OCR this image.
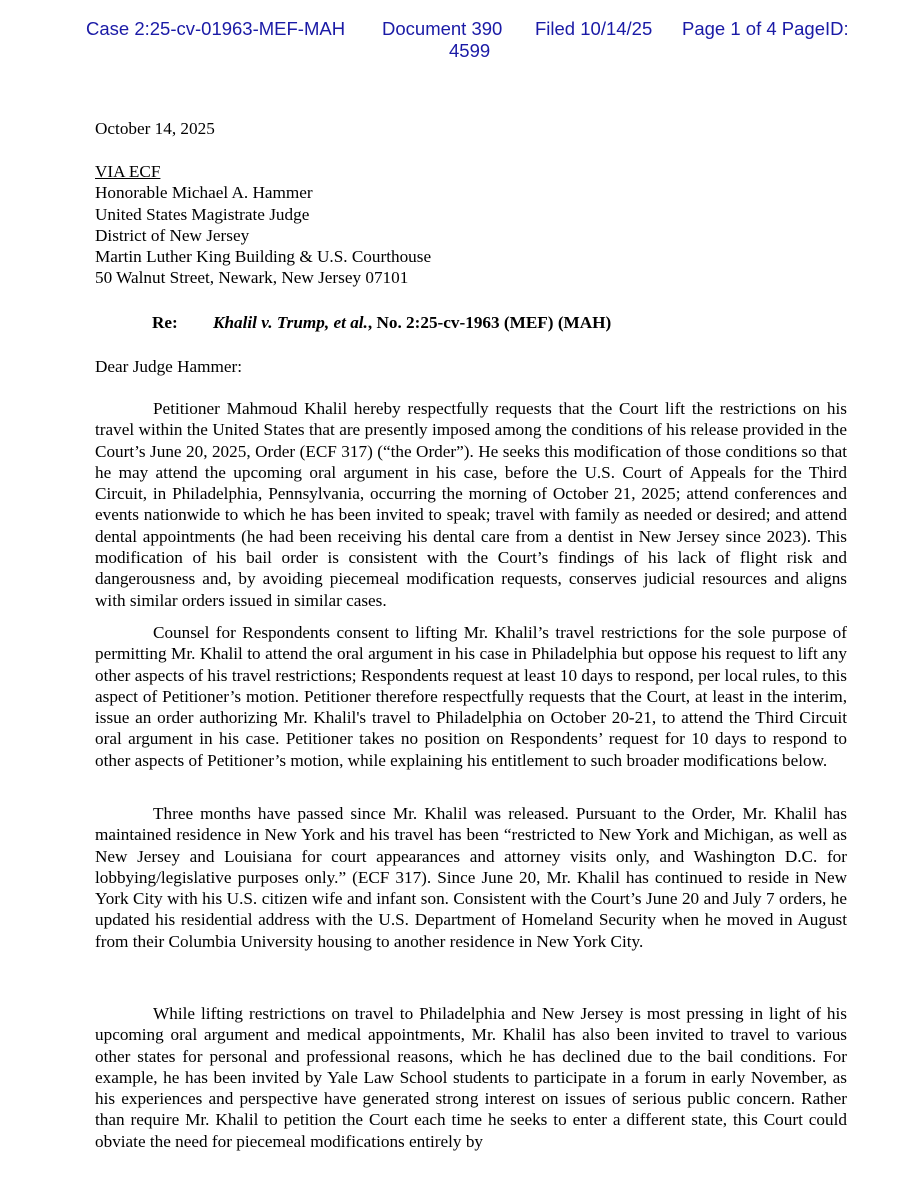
Case 2:25-cv-01963-MEF-MAH Document 390 Filed 10/14/25 Page 1 of 4 PageID:
4599
October 14, 2025
VIA ECF
Honorable Michael A. Hammer
United States Magistrate Judge
District of New Jersey
Martin Luther King Building & U.S. Courthouse
50 Walnut Street, Newark, New Jersey 07101
Re: Khalil v. Trump, et al., No. 2:25-cv-1963 (MEF) (MAH)
Dear Judge Hammer:
Petitioner Mahmoud Khalil hereby respectfully requests that the Court lift the restrictions on his travel within the United States that are presently imposed among the conditions of his release provided in the Court’s June 20, 2025, Order (ECF 317) (“the Order”). He seeks this modification of those conditions so that he may attend the upcoming oral argument in his case, before the U.S. Court of Appeals for the Third Circuit, in Philadelphia, Pennsylvania, occurring the morning of October 21, 2025; attend conferences and events nationwide to which he has been invited to speak; travel with family as needed or desired; and attend dental appointments (he had been receiving his dental care from a dentist in New Jersey since 2023). This modification of his bail order is consistent with the Court’s findings of his lack of flight risk and dangerousness and, by avoiding piecemeal modification requests, conserves judicial resources and aligns with similar orders issued in similar cases.
Counsel for Respondents consent to lifting Mr. Khalil’s travel restrictions for the sole purpose of permitting Mr. Khalil to attend the oral argument in his case in Philadelphia but oppose his request to lift any other aspects of his travel restrictions; Respondents request at least 10 days to respond, per local rules, to this aspect of Petitioner’s motion. Petitioner therefore respectfully requests that the Court, at least in the interim, issue an order authorizing Mr. Khalil's travel to Philadelphia on October 20-21, to attend the Third Circuit oral argument in his case. Petitioner takes no position on Respondents’ request for 10 days to respond to other aspects of Petitioner’s motion, while explaining his entitlement to such broader modifications below.
Three months have passed since Mr. Khalil was released. Pursuant to the Order, Mr. Khalil has maintained residence in New York and his travel has been “restricted to New York and Michigan, as well as New Jersey and Louisiana for court appearances and attorney visits only, and Washington D.C. for lobbying/legislative purposes only.” (ECF 317). Since June 20, Mr. Khalil has continued to reside in New York City with his U.S. citizen wife and infant son. Consistent with the Court’s June 20 and July 7 orders, he updated his residential address with the U.S. Department of Homeland Security when he moved in August from their Columbia University housing to another residence in New York City.
While lifting restrictions on travel to Philadelphia and New Jersey is most pressing in light of his upcoming oral argument and medical appointments, Mr. Khalil has also been invited to travel to various other states for personal and professional reasons, which he has declined due to the bail conditions. For example, he has been invited by Yale Law School students to participate in a forum in early November, as his experiences and perspective have generated strong interest on issues of serious public concern. Rather than require Mr. Khalil to petition the Court each time he seeks to enter a different state, this Court could obviate the need for piecemeal modifications entirely by
